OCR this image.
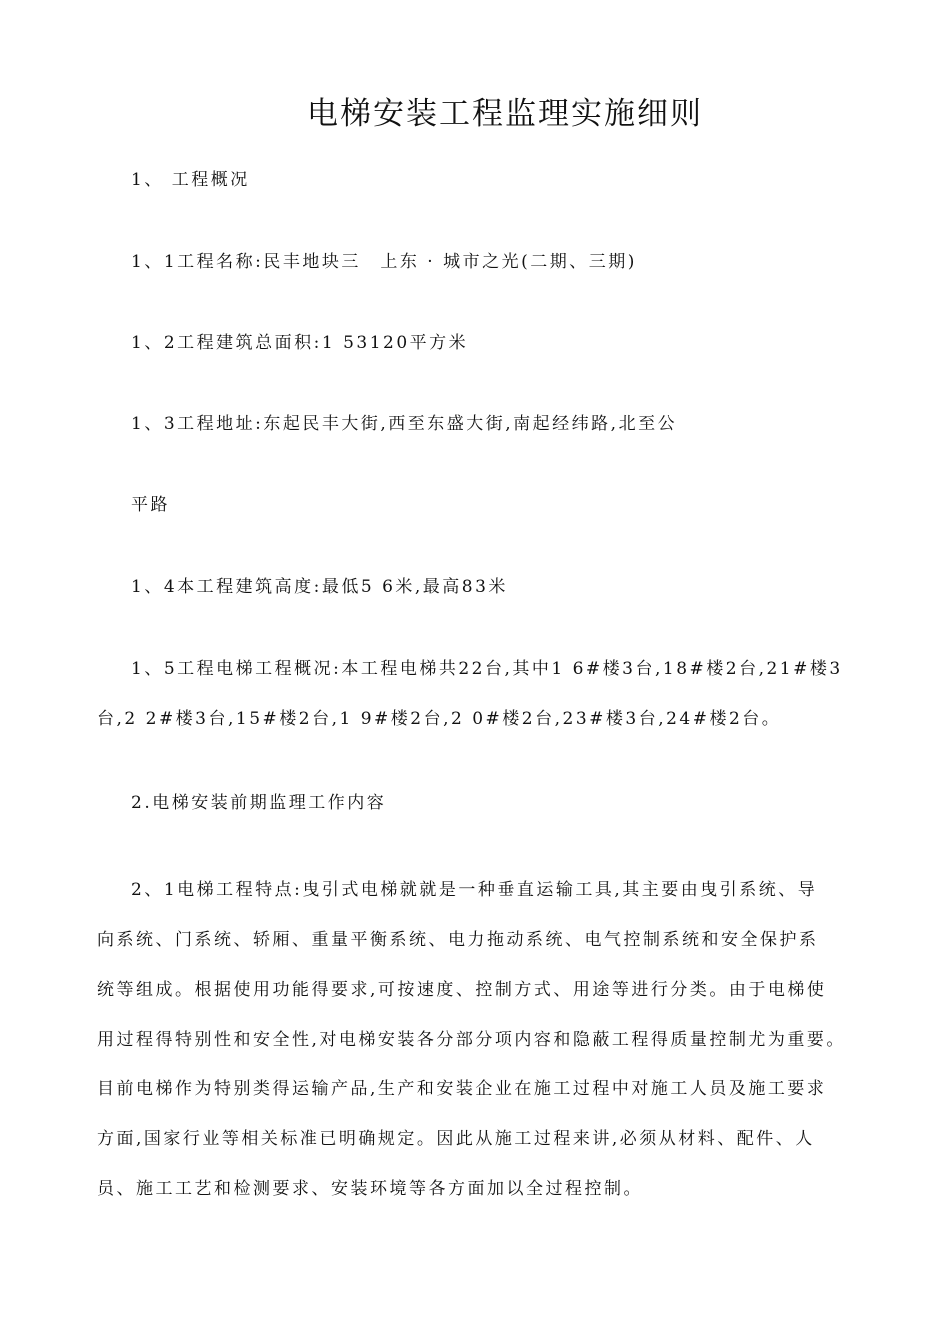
电梯安装工程监理实施细则
1、 工程概况
1、1工程名称:民丰地块三　上东 · 城市之光(二期、三期)
1、2工程建筑总面积:1 53120平方米
1、3工程地址:东起民丰大街,西至东盛大街,南起经纬路,北至公
平路
1、4本工程建筑高度:最低5 6米,最高83米
1、5工程电梯工程概况:本工程电梯共22台,其中1 6#楼3台,18#楼2台,21#楼3
台,2 2#楼3台,15#楼2台,1 9#楼2台,2 0#楼2台,23#楼3台,24#楼2台。
2.电梯安装前期监理工作内容
2、1电梯工程特点:曳引式电梯就就是一种垂直运输工具,其主要由曳引系统、导
向系统、门系统、轿厢、重量平衡系统、电力拖动系统、电气控制系统和安全保护系
统等组成。根据使用功能得要求,可按速度、控制方式、用途等进行分类。由于电梯使
用过程得特别性和安全性,对电梯安装各分部分项内容和隐蔽工程得质量控制尤为重要。
目前电梯作为特别类得运输产品,生产和安装企业在施工过程中对施工人员及施工要求
方面,国家行业等相关标准已明确规定。因此从施工过程来讲,必须从材料、配件、人
员、施工工艺和检测要求、安装环境等各方面加以全过程控制。
